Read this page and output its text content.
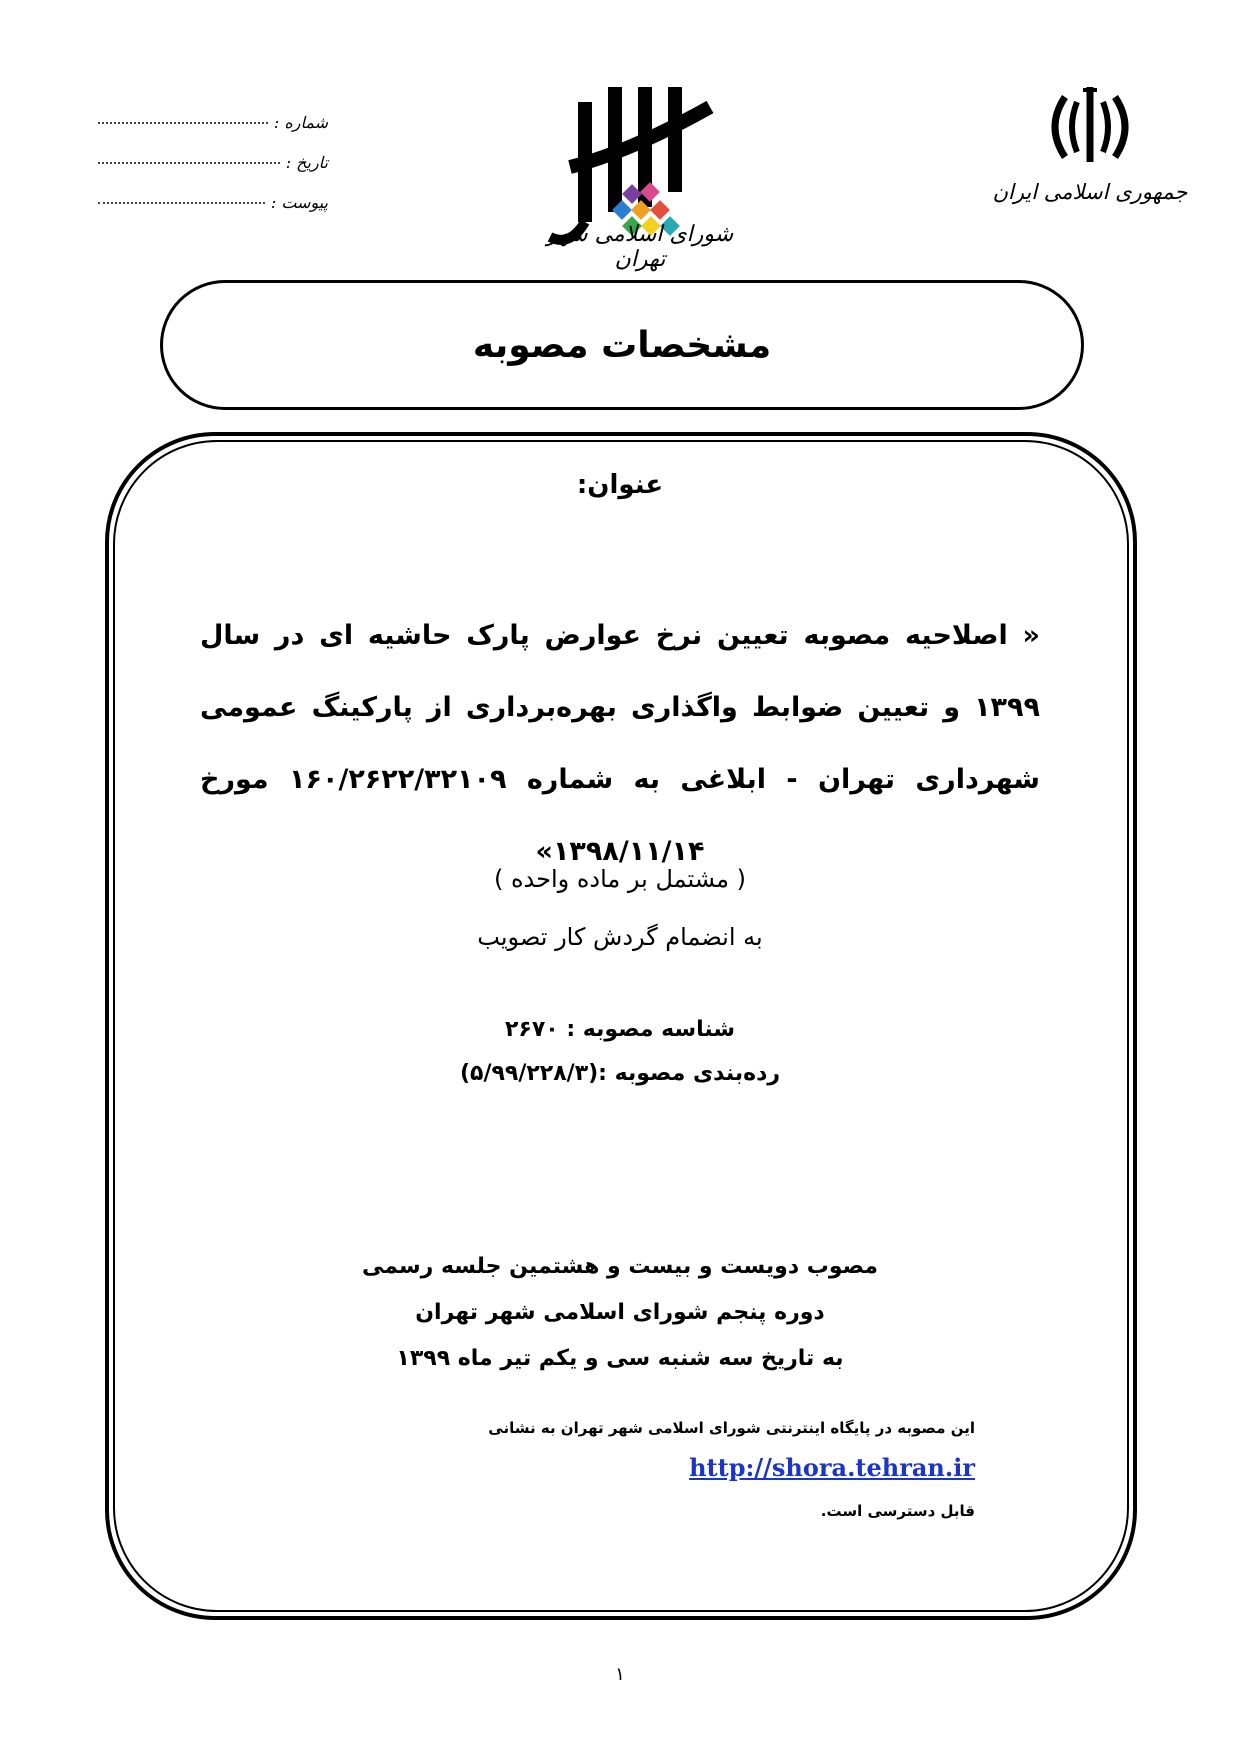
شماره :
تاریخ :
پیوست :
شورای اسلامی شهر تهران
جمهوری اسلامی ایران
مشخصات مصوبه
عنوان:
« اصلاحیه مصوبه تعیین نرخ عوارض پارک حاشیه ای در سال ۱۳۹۹ و تعیین ضوابط واگذاری بهره‌برداری از پارکینگ عمومی شهرداری تهران - ابلاغی به شماره ۱۶۰/۲۶۲۲/۳۲۱۰۹ مورخ ۱۳۹۸/۱۱/۱۴»
( مشتمل بر ماده واحده )
به انضمام گردش کار تصویب
شناسه مصوبه : ۲۶۷۰
رده‌بندی مصوبه :(۵/۹۹/۲۲۸/۳)
مصوب دویست و بیست و هشتمین جلسه رسمی
دوره پنجم شورای اسلامی شهر تهران
به تاریخ سه شنبه سی و یکم تیر ماه ۱۳۹۹
این مصوبه در پایگاه اینترنتی شورای اسلامی شهر تهران به نشانی http://shora.tehran.ir
قابل دسترسی است.
۱
